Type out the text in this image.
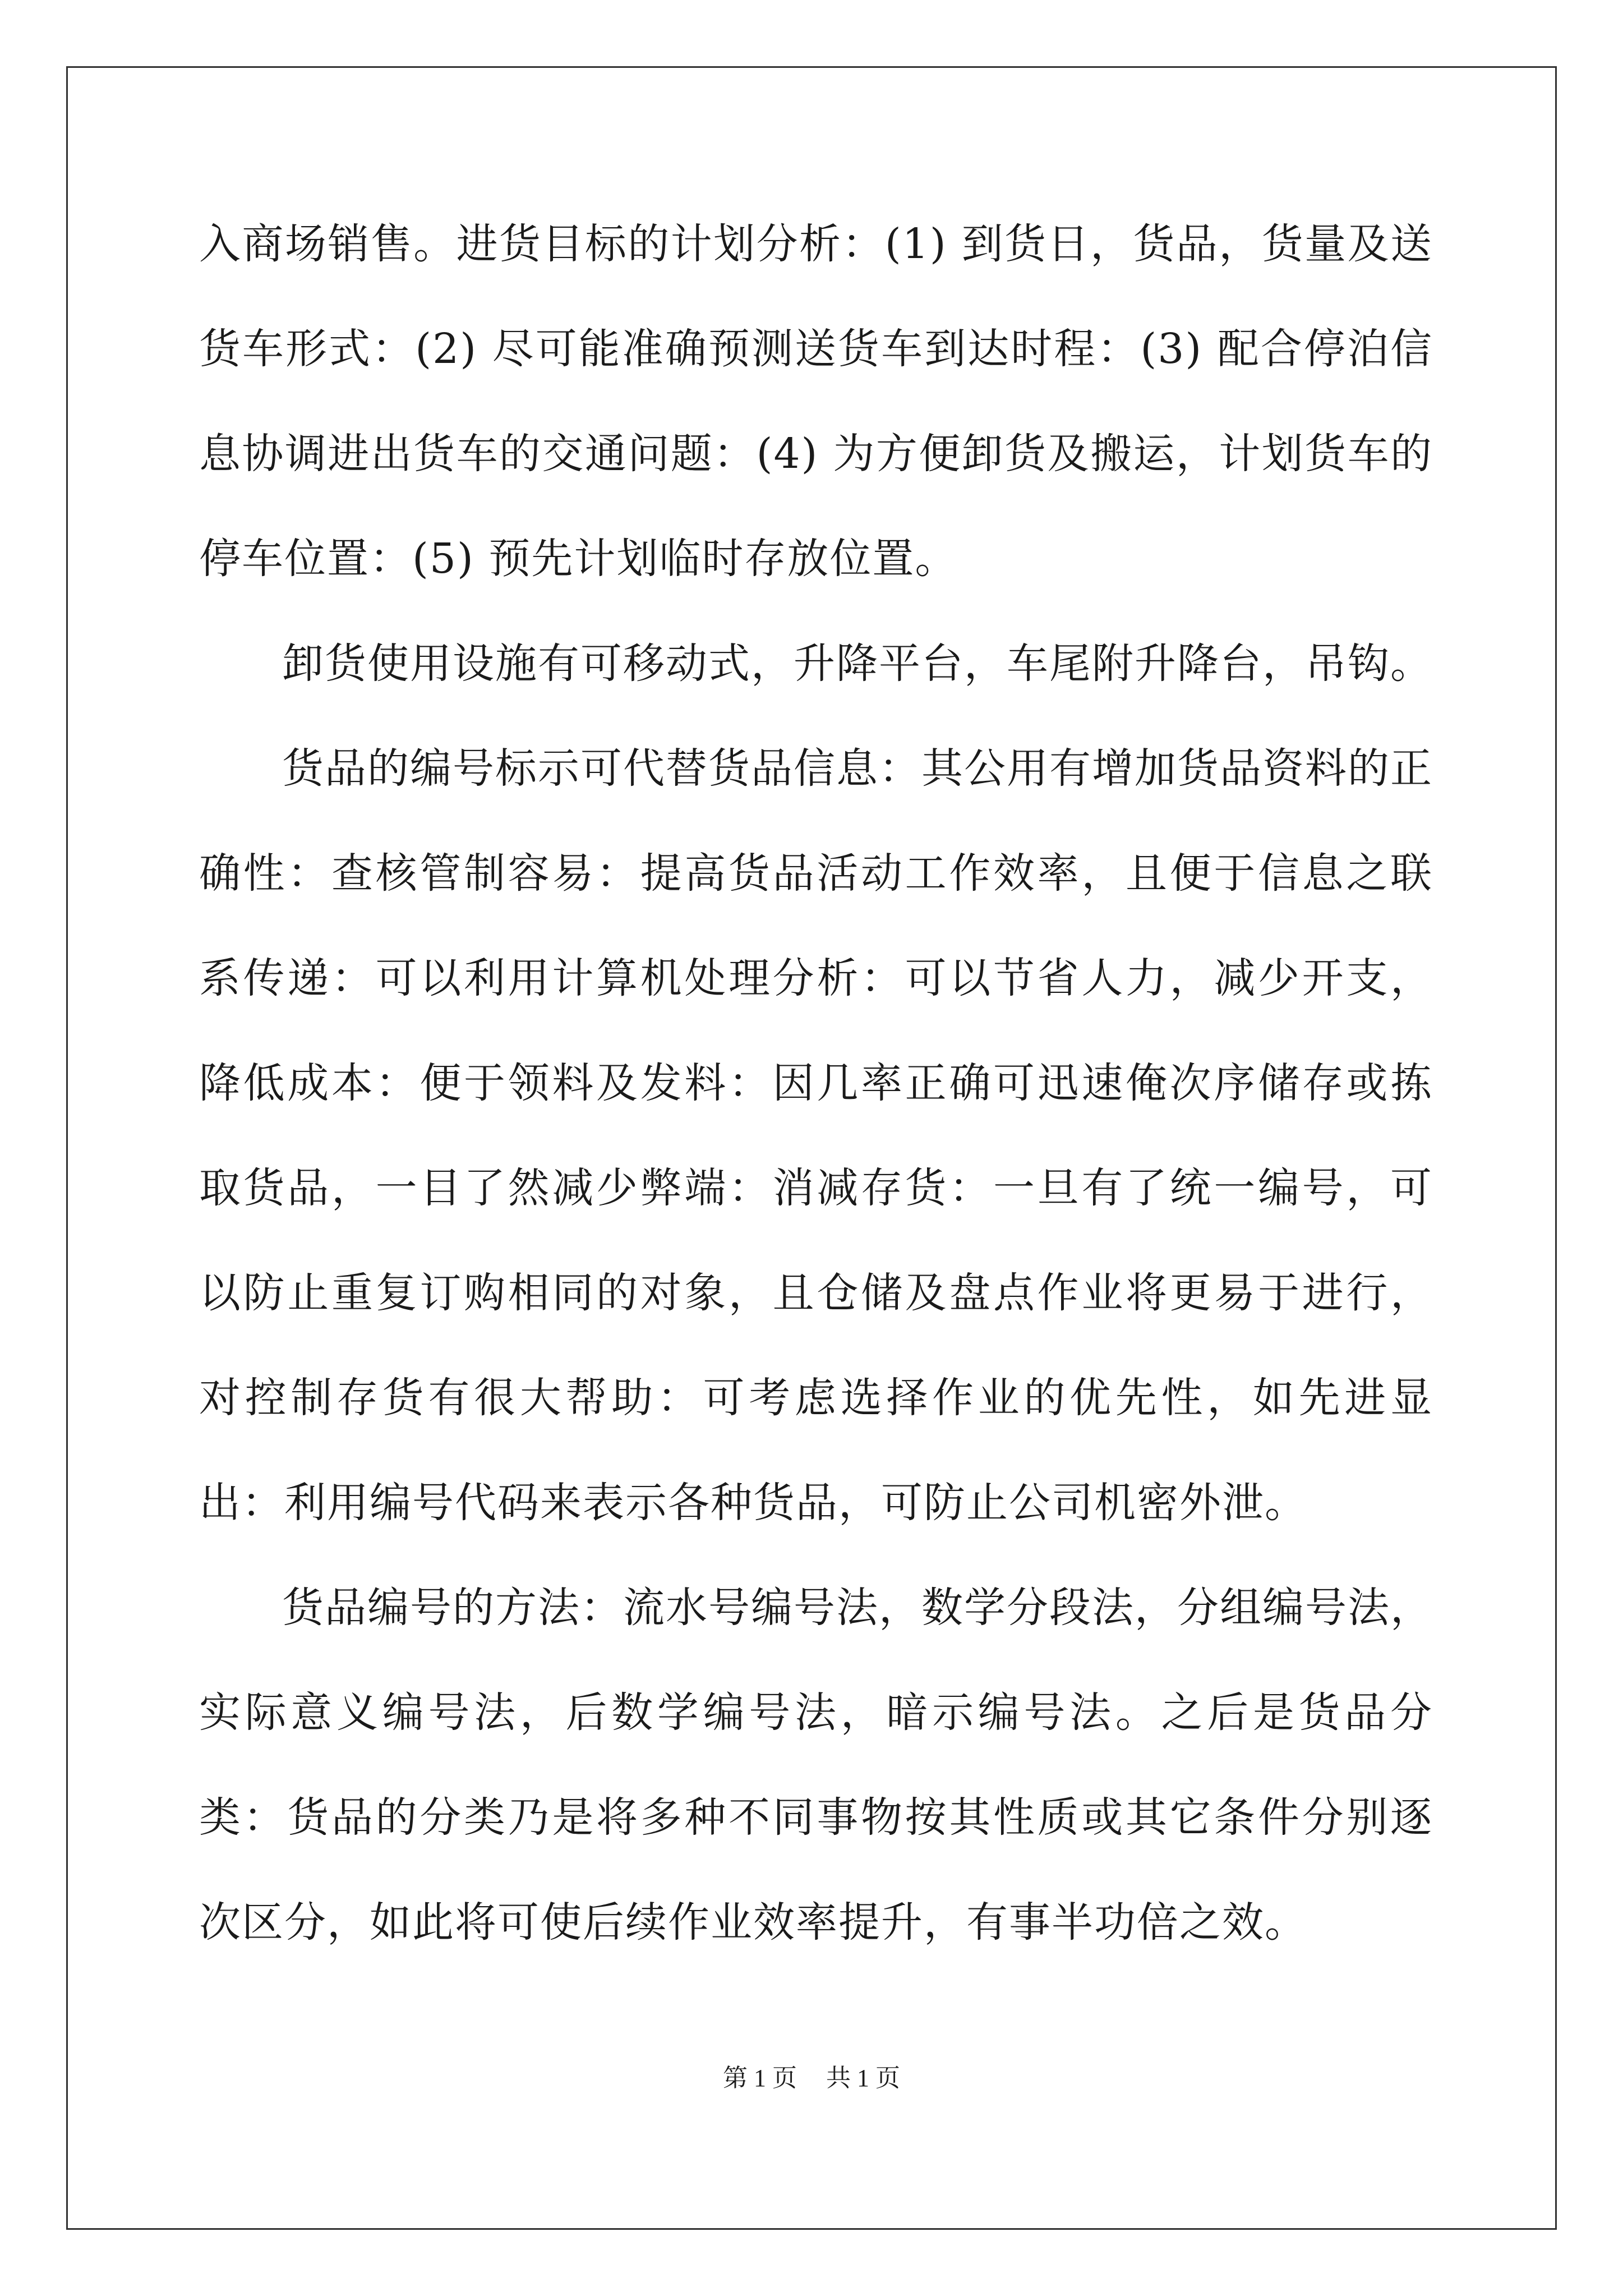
入商场销售。进货目标的计划分析：(1) 到货日，货品，货量及送货车形式：(2) 尽可能准确预测送货车到达时程：(3) 配合停泊信息协调进出货车的交通问题：(4) 为方便卸货及搬运，计划货车的停车位置：(5) 预先计划临时存放位置。

卸货使用设施有可移动式，升降平台，车尾附升降台，吊钩。

货品的编号标示可代替货品信息：其公用有增加货品资料的正确性：查核管制容易：提高货品活动工作效率，且便于信息之联系传递：可以利用计算机处理分析：可以节省人力，减少开支，降低成本：便于领料及发料：因几率正确可迅速俺次序储存或拣取货品，一目了然减少弊端：消减存货：一旦有了统一编号，可以防止重复订购相同的对象，且仓储及盘点作业将更易于进行，对控制存货有很大帮助：可考虑选择作业的优先性，如先进显出：利用编号代码来表示各种货品，可防止公司机密外泄。

货品编号的方法：流水号编号法，数学分段法，分组编号法，实际意义编号法，后数学编号法，暗示编号法。之后是货品分类：货品的分类乃是将多种不同事物按其性质或其它条件分别逐次区分，如此将可使后续作业效率提升，有事半功倍之效。

第 1 页 共 1 页
